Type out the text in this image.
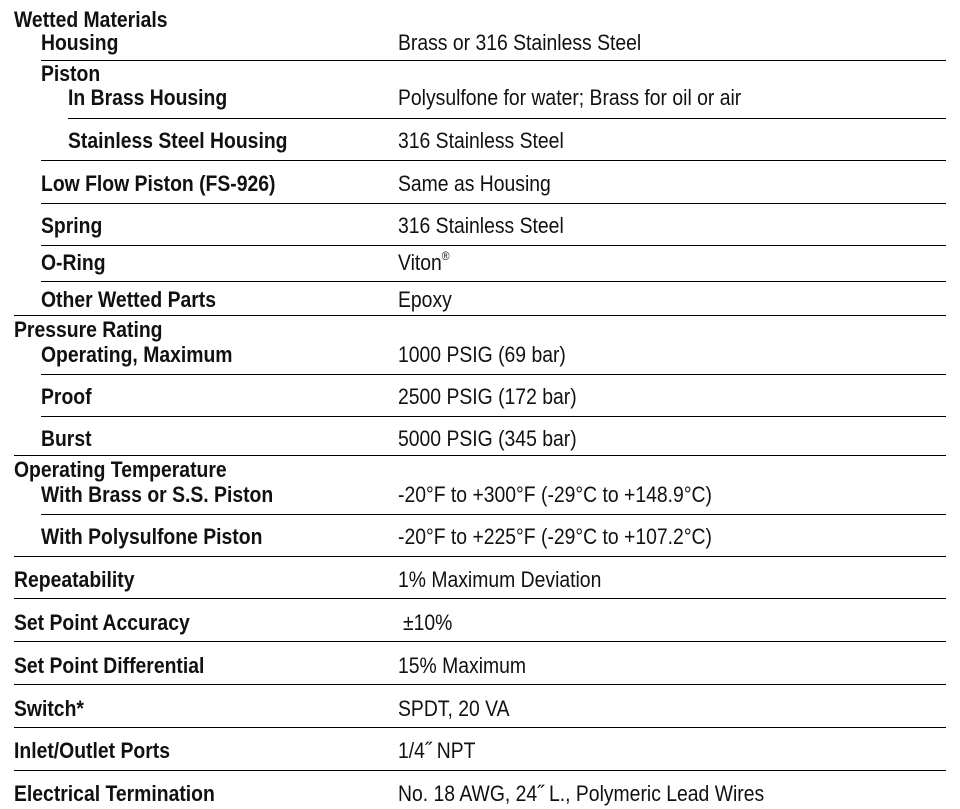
Wetted Materials
Housing	Brass or 316 Stainless Steel
Piston
In Brass Housing	Polysulfone for water; Brass for oil or air
Stainless Steel Housing	316 Stainless Steel
Low Flow Piston (FS-926)	Same as Housing
Spring	316 Stainless Steel
O-Ring	Viton®
Other Wetted Parts	Epoxy
Pressure Rating
Operating, Maximum	1000 PSIG (69 bar)
Proof	2500 PSIG (172 bar)
Burst	5000 PSIG (345 bar)
Operating Temperature
With Brass or S.S. Piston	-20°F to +300°F (-29°C to +148.9°C)
With Polysulfone Piston	-20°F to +225°F (-29°C to +107.2°C)
Repeatability	1% Maximum Deviation
Set Point Accuracy	±10%
Set Point Differential	15% Maximum
Switch*	SPDT, 20 VA
Inlet/Outlet Ports	1/4˝ NPT
Electrical Termination	No. 18 AWG, 24˝ L., Polymeric Lead Wires
